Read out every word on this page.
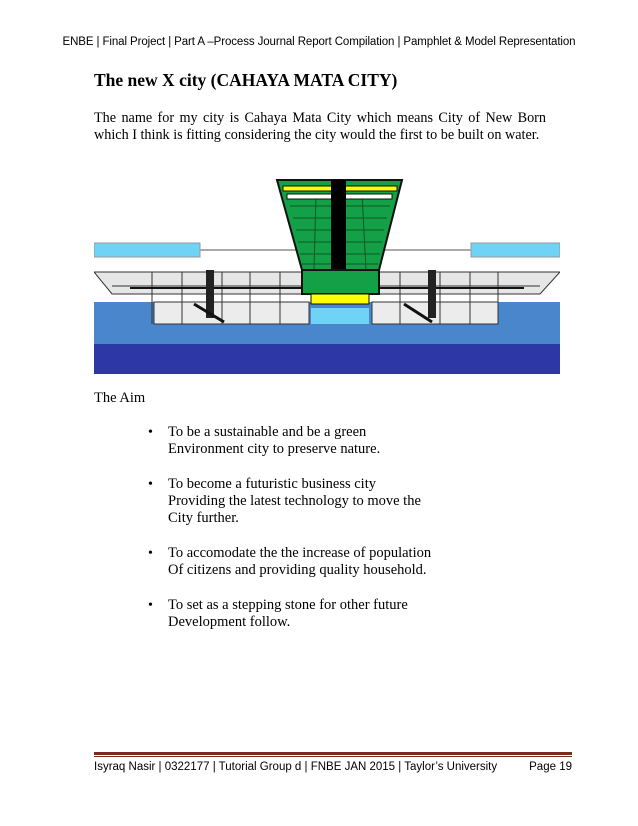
ENBE | Final Project | Part A –Process Journal Report Compilation | Pamphlet & Model Representation
The new X city (CAHAYA MATA CITY)
The name for my city is Cahaya Mata City which means City of New Born which I think is fitting considering the city would the first to be built on water.
The Aim
•	To be a sustainable and be a green
Environment city to preserve nature.
•	To become a futuristic business city
Providing the latest technology to move the
City further.
•	To accomodate the the increase of population
Of citizens and providing quality household.
•	To set as a stepping stone for other future
Development follow.
Isyraq Nasir | 0322177 | Tutorial Group d | FNBE JAN 2015 | Taylor’s University	Page 19
